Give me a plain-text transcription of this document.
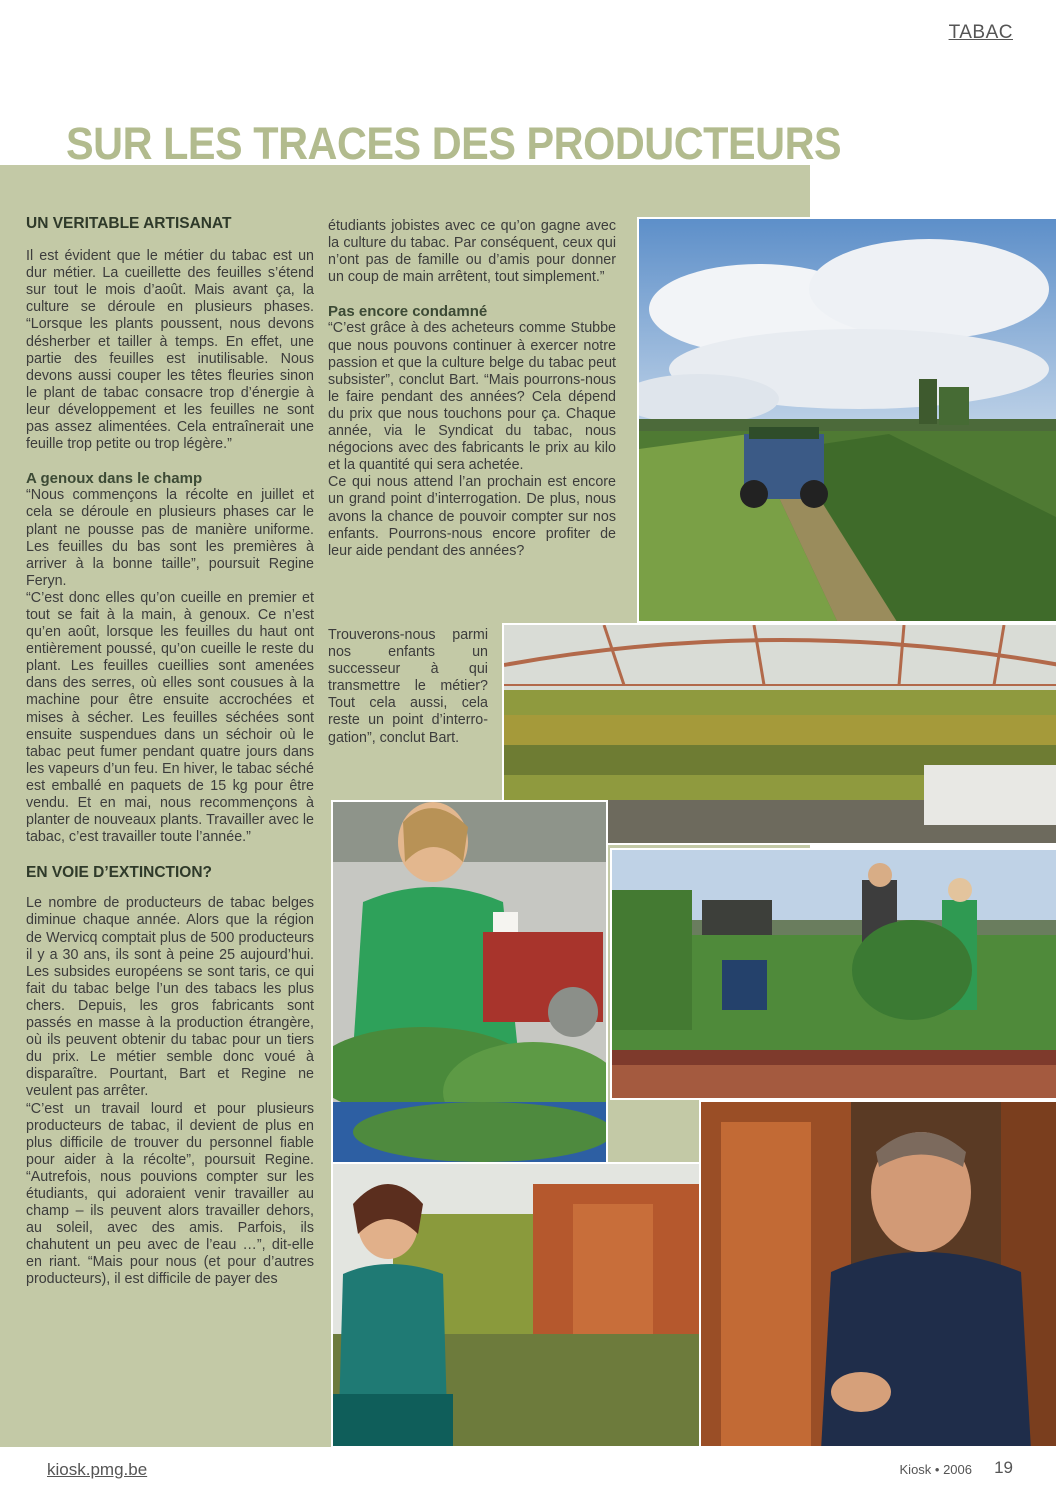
TABAC
SUR LES TRACES DES PRODUCTEURS
UN VERITABLE ARTISANAT

Il est évident que le métier du tabac est un dur métier. La cueillette des feuilles s’étend sur tout le mois d’août. Mais avant ça, la culture se déroule en plusieurs phases. “Lorsque les plants poussent, nous devons désherber et tailler à temps. En effet, une partie des feuilles est inutilisable. Nous devons aussi couper les têtes fleuries sinon le plant de tabac consacre trop d’énergie à leur développement et les feuilles ne sont pas assez alimentées. Cela entraînerait une feuille trop petite ou trop légère.”

A genoux dans le champ

“Nous commençons la récolte en juillet et cela se déroule en plusieurs phases car le plant ne pousse pas de manière uniforme. Les feuilles du bas sont les premières à arriver à la bonne taille”, poursuit Regine Feryn.

“C’est donc elles qu’on cueille en premier et tout se fait à la main, à genoux. Ce n’est qu’en août, lorsque les feuilles du haut ont entièrement poussé, qu’on cueille le reste du plant. Les feuilles cueillies sont amenées dans des serres, où elles sont cousues à la machine pour être ensuite accrochées et mises à sécher. Les feuilles séchées sont ensuite suspendues dans un séchoir où le tabac peut fumer pendant quatre jours dans les vapeurs d’un feu. En hiver, le tabac séché est emballé en paquets de 15 kg pour être vendu. Et en mai, nous recommençons à planter de nouveaux plants. Travailler avec le tabac, c’est travailler toute l’année.”

EN VOIE D’EXTINCTION?

Le nombre de producteurs de tabac belges diminue chaque année. Alors que la région de Wervicq comptait plus de 500 producteurs il y a 30 ans, ils sont à peine 25 aujourd’hui. Les subsides européens se sont taris, ce qui fait du tabac belge l’un des tabacs les plus chers. Depuis, les gros fabricants sont passés en masse à la production étrangère, où ils peuvent obtenir du tabac pour un tiers du prix. Le métier semble donc voué à disparaître. Pourtant, Bart et Regine ne veulent pas arrêter.

“C’est un travail lourd et pour plusieurs producteurs de tabac, il devient de plus en plus difficile de trouver du personnel fiable pour aider à la récolte”, poursuit Regine. “Autrefois, nous pouvions compter sur les étudiants, qui adoraient venir travailler au champ – ils peuvent alors travailler dehors, au soleil, avec des amis. Parfois, ils chahutent un peu avec de l’eau …”, dit-elle en riant. “Mais pour nous (et pour d’autres producteurs), il est difficile de payer des

étudiants jobistes avec ce qu’on gagne avec la culture du tabac. Par conséquent, ceux qui n’ont pas de famille ou d’amis pour donner un coup de main arrêtent, tout simplement.”

Pas encore condamné

“C’est grâce à des acheteurs comme Stubbe que nous pouvons continuer à exercer notre passion et que la culture belge du tabac peut subsister”, conclut Bart. “Mais pourrons-nous le faire pendant des années? Cela dépend du prix que nous touchons pour ça. Chaque année, via le Syndicat du tabac, nous négocions avec des fabricants le prix au kilo et la quantité qui sera achetée.

Ce qui nous attend l’an prochain est encore un grand point d’interrogation. De plus, nous avons la chance de pouvoir compter sur nos enfants. Pourrons-nous encore profiter de leur aide pendant des années?

Trouverons-nous parmi nos enfants un successeur à qui transmettre le métier? Tout cela aussi, cela reste un point d’interro-gation”, conclut Bart.

kiosk.pmg.be	Kiosk • 2006 19
